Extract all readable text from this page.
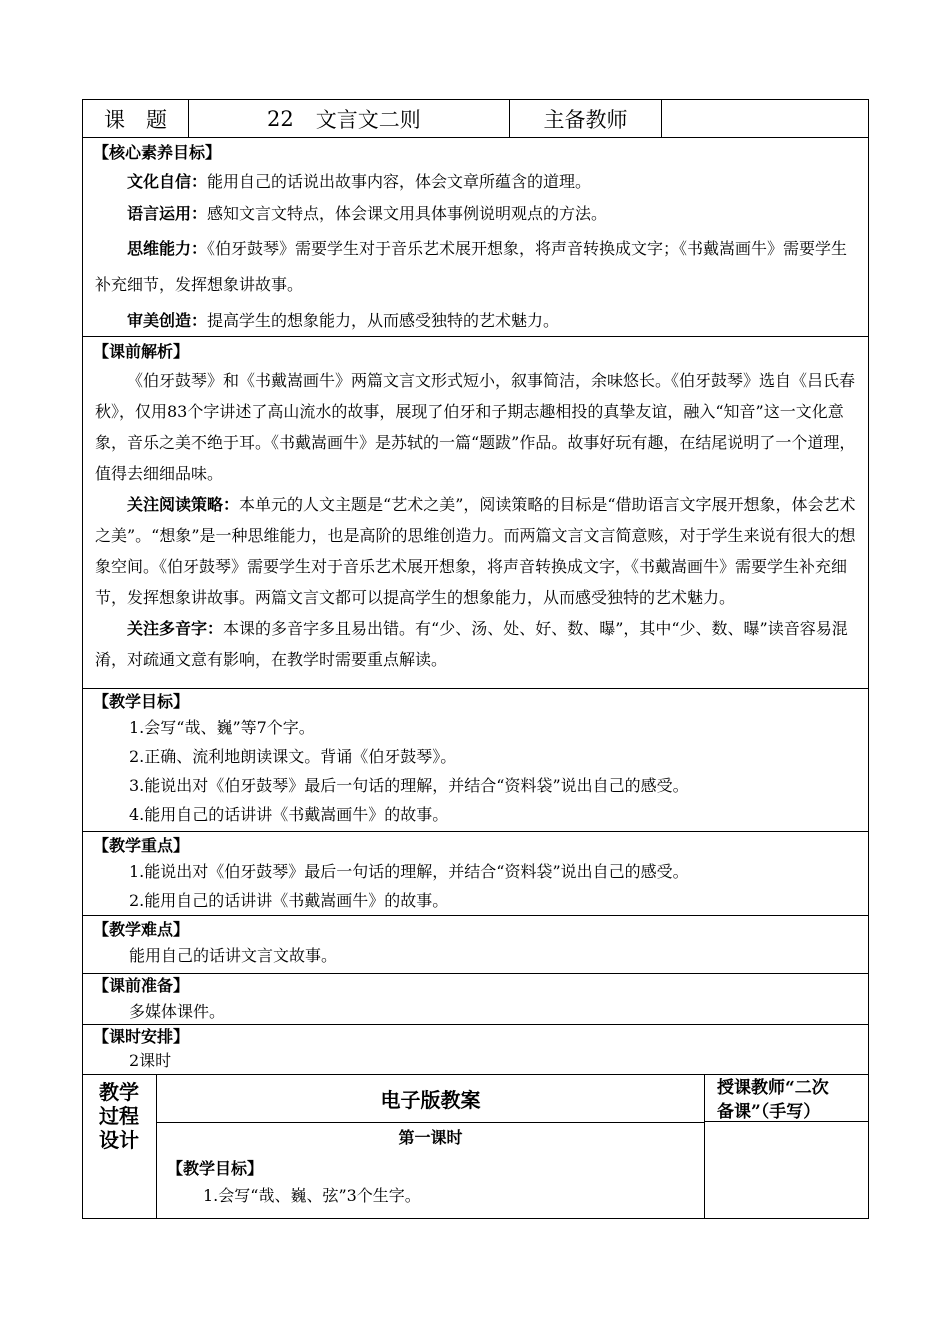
课　题	22 文言文二则	主备教师
【核心素养目标】

文化自信：能用自己的话说出故事内容，体会文章所蕴含的道理。

语言运用：感知文言文特点，体会课文用具体事例说明观点的方法。

思维能力：《伯牙鼓琴》需要学生对于音乐艺术展开想象，将声音转换成文字；《书戴嵩画牛》需要学生补充细节，发挥想象讲故事。

审美创造：提高学生的想象能力，从而感受独特的艺术魅力。

【课前解析】

《伯牙鼓琴》和《书戴嵩画牛》两篇文言文形式短小，叙事简洁，余味悠长。《伯牙鼓琴》选自《吕氏春秋》，仅用83个字讲述了高山流水的故事，展现了伯牙和子期志趣相投的真挚友谊，融入“知音”这一文化意象，音乐之美不绝于耳。《书戴嵩画牛》是苏轼的一篇“题跋”作品。故事好玩有趣，在结尾说明了一个道理，值得去细细品味。

关注阅读策略：本单元的人文主题是“艺术之美”，阅读策略的目标是“借助语言文字展开想象，体会艺术之美”。“想象”是一种思维能力，也是高阶的思维创造力。而两篇文言文言简意赅，对于学生来说有很大的想象空间。《伯牙鼓琴》需要学生对于音乐艺术展开想象，将声音转换成文字，《书戴嵩画牛》需要学生补充细节，发挥想象讲故事。两篇文言文都可以提高学生的想象能力，从而感受独特的艺术魅力。

关注多音字：本课的多音字多且易出错。有“少、汤、处、好、数、曝”，其中“少、数、曝”读音容易混淆，对疏通文意有影响，在教学时需要重点解读。

【教学目标】
1.会写“哉、巍”等7个字。
2.正确、流利地朗读课文。背诵《伯牙鼓琴》。
3.能说出对《伯牙鼓琴》最后一句话的理解，并结合“资料袋”说出自己的感受。
4.能用自己的话讲讲《书戴嵩画牛》的故事。
【教学重点】
1.能说出对《伯牙鼓琴》最后一句话的理解，并结合“资料袋”说出自己的感受。
2.能用自己的话讲讲《书戴嵩画牛》的故事。
【教学难点】
能用自己的话讲文言文故事。
【课前准备】
多媒体课件。
【课时安排】
2课时
教学
过程
设计
电子版教案
第一课时
【教学目标】
1.会写“哉、巍、弦”3个生字。
授课教师“二次
备课”（手写）
